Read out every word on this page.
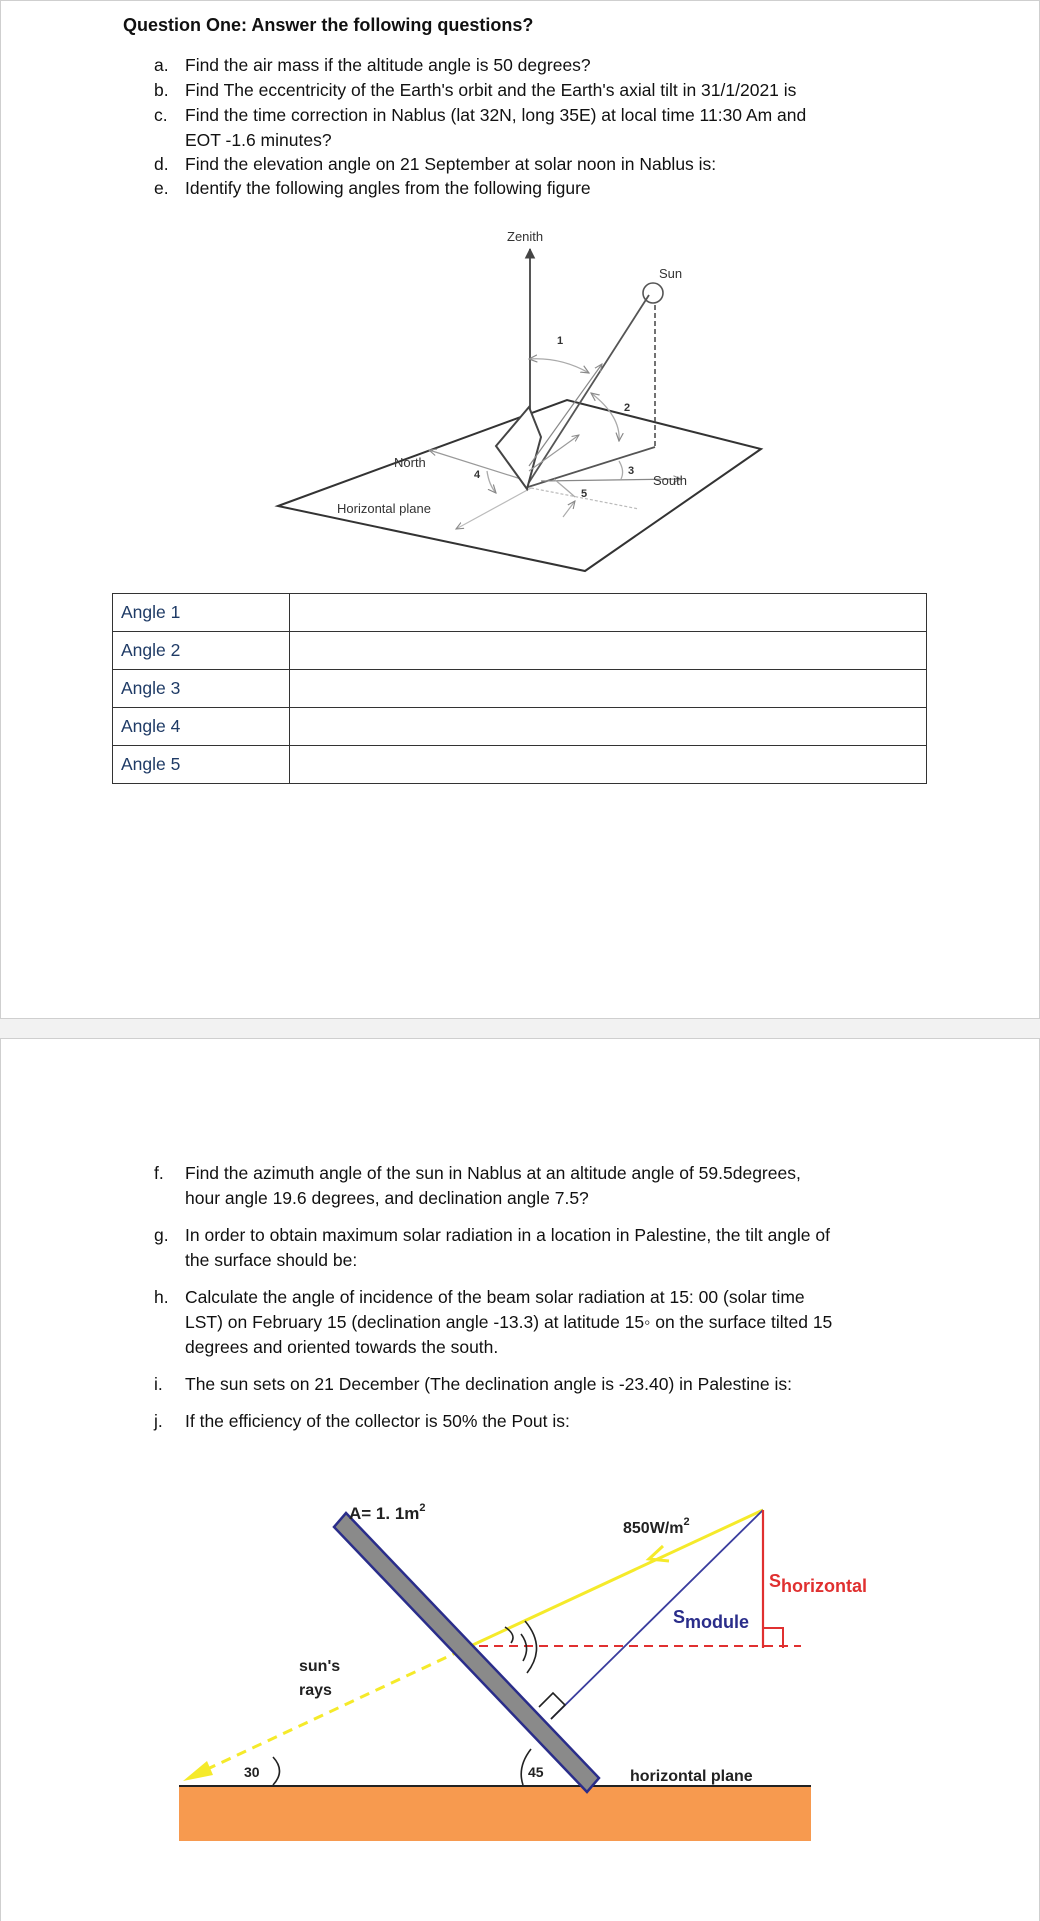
Question One: Answer the following questions?
a. Find the air mass if the altitude angle is 50 degrees?
b. Find The eccentricity of the Earth's orbit and the Earth's axial tilt in 31/1/2021 is
c. Find the time correction in Nablus (lat 32N, long 35E) at local time 11:30 Am and
EOT -1.6 minutes?
d. Find the elevation angle on 21 September at solar noon in Nablus is:
e. Identify the following angles from the following figure
Zenith
Sun
North
South
Horizontal plane
1
2
3
4
5
Angle 1	
Angle 2	
Angle 3	
Angle 4	
Angle 5	
f.	Find the azimuth angle of the sun in Nablus at an altitude angle of 59.5degrees,
hour angle 19.6 degrees, and declination angle 7.5?
g. In order to obtain maximum solar radiation in a location in Palestine, the tilt angle of
the surface should be:
h. Calculate the angle of incidence of the beam solar radiation at 15: 00 (solar time
LST) on February 15 (declination angle -13.3) at latitude 15◦ on the surface tilted 15
degrees and oriented towards the south.
i.	The sun sets on 21 December (The declination angle is -23.40) in Palestine is:
j.	If the efficiency of the collector is 50% the Pout is:
A= 1. $1m^2$
$850W/m^2$
Shorizontal
Smodule
sun's
rays
30	45	horizontal plane
